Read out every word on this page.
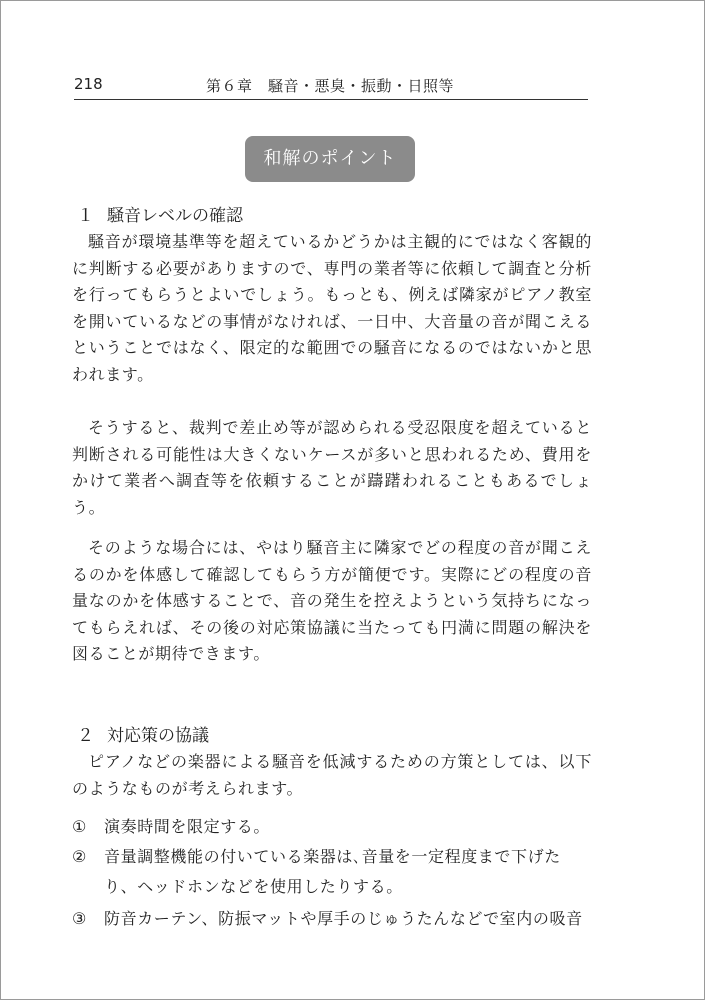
218	第６章　騒音・悪臭・振動・日照等
和解のポイント
１ 騒音レベルの確認

騒音が環境基準等を超えているかどうかは主観的にではなく客観的に判断する必要がありますので、専門の業者等に依頼して調査と分析を行ってもらうとよいでしょう。もっとも、例えば隣家がピアノ教室を開いているなどの事情がなければ、一日中、大音量の音が聞こえるということではなく、限定的な範囲での騒音になるのではないかと思われます。

そうすると、裁判で差止め等が認められる受忍限度を超えていると判断される可能性は大きくないケースが多いと思われるため、費用をかけて業者へ調査等を依頼することが躊躇われることもあるでしょう。

そのような場合には、やはり騒音主に隣家でどの程度の音が聞こえるのかを体感して確認してもらう方が簡便です。実際にどの程度の音量なのかを体感することで、音の発生を控えようという気持ちになってもらえれば、その後の対応策協議に当たっても円満に問題の解決を図ることが期待できます。

２ 対応策の協議

ピアノなどの楽器による騒音を低減するための方策としては、以下のようなものが考えられます。

① 演奏時間を限定する。
② 音量調整機能の付いている楽器は､音量を一定程度まで下げたり、ヘッドホンなどを使用したりする。
③ 防音カーテン、防振マットや厚手のじゅうたんなどで室内の吸音
